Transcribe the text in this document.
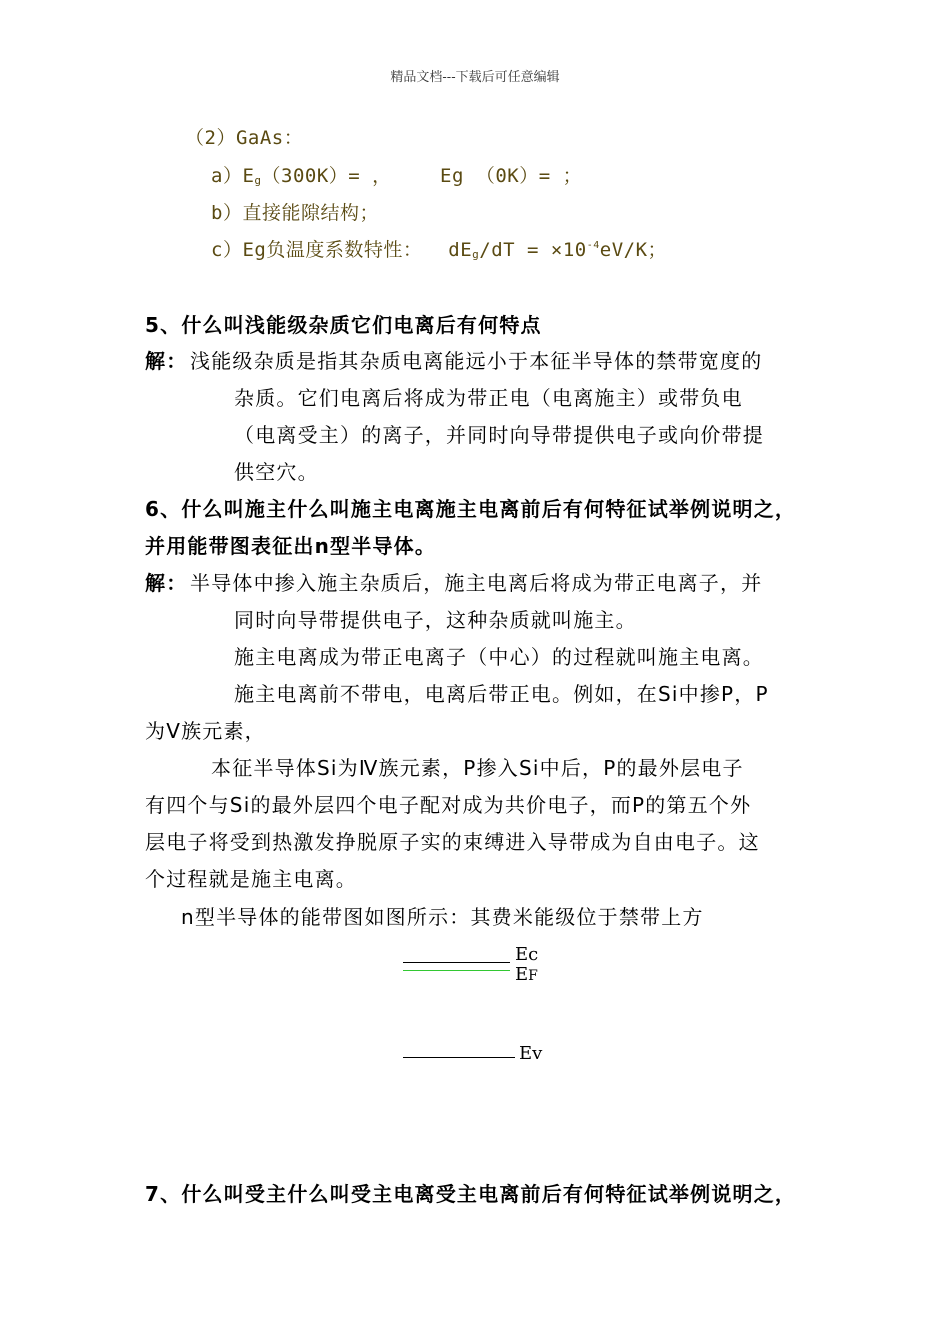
精品文档---下载后可任意编辑
（2）GaAs：
a）Eg（300K）= ，	Eg （0K）= ；
b）直接能隙结构；
c）Eg负温度系数特性： $dEg/dT = \times 10^{-4}eV/K$；
5、什么叫浅能级杂质它们电离后有何特点
解： 浅能级杂质是指其杂质电离能远小于本征半导体的禁带宽度的
杂质。它们电离后将成为带正电（电离施主）或带负电
（电离受主）的离子，并同时向导带提供电子或向价带提
供空穴。
6、什么叫施主什么叫施主电离施主电离前后有何特征试举例说明之，
并用能带图表征出n型半导体。
解： 半导体中掺入施主杂质后，施主电离后将成为带正电离子，并
同时向导带提供电子，这种杂质就叫施主。
施主电离成为带正电离子（中心）的过程就叫施主电离。
施主电离前不带电，电离后带正电。例如，在Si中掺P，P
为Ⅴ族元素，
本征半导体Si为Ⅳ族元素，P掺入Si中后，P的最外层电子
有四个与Si的最外层四个电子配对成为共价电子，而P的第五个外
层电子将受到热激发挣脱原子实的束缚进入导带成为自由电子。这
个过程就是施主电离。
n型半导体的能带图如图所示：其费米能级位于禁带上方
Ec
EF
Ev
7、什么叫受主什么叫受主电离受主电离前后有何特征试举例说明之，
